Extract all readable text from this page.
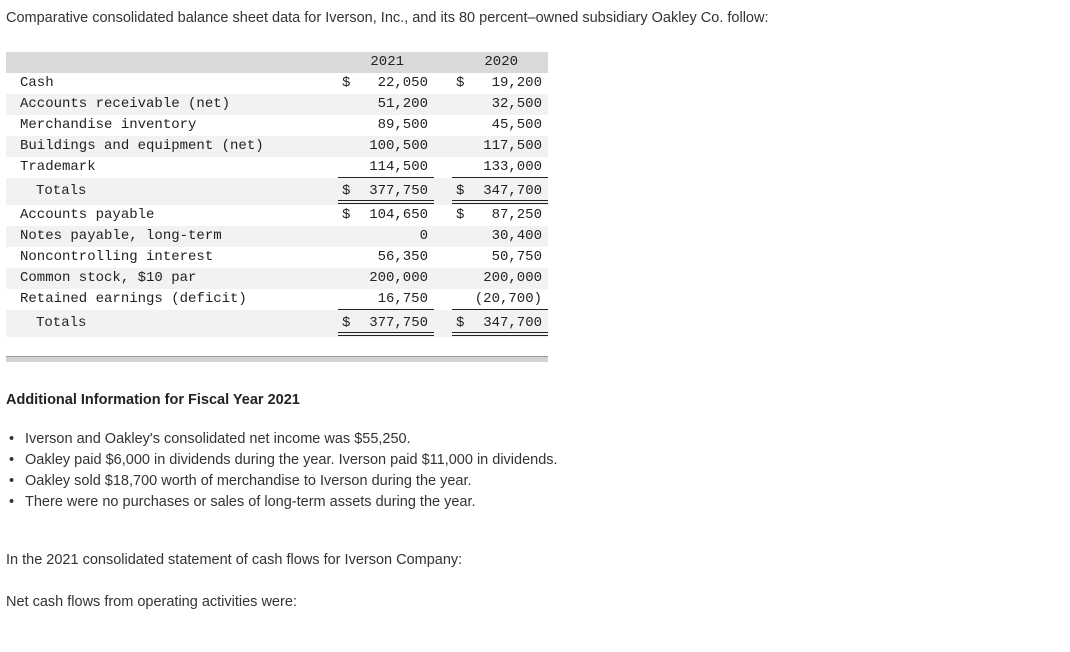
Comparative consolidated balance sheet data for Iverson, Inc., and its 80 percent–owned subsidiary Oakley Co. follow:
2021	2020
Cash	$ 22,050 $ 19,200
Accounts receivable (net)	51,200	32,500
Merchandise inventory	89,500	45,500
Buildings and equipment (net)	100,500	117,500
Trademark	114,500	133,000
Totals	$ 377,750 $ 347,700
Accounts payable	$ 104,650 $ 87,250
Notes payable, long-term	0	30,400
Noncontrolling interest	56,350	50,750
Common stock, $10 par	200,000	200,000
Retained earnings (deficit)	16,750	(20,700)
Totals	$ 377,750 $ 347,700
Additional Information for Fiscal Year 2021
• Iverson and Oakley's consolidated net income was $55,250.
• Oakley paid $6,000 in dividends during the year. Iverson paid $11,000 in dividends.
• Oakley sold $18,700 worth of merchandise to Iverson during the year.
• There were no purchases or sales of long-term assets during the year.
In the 2021 consolidated statement of cash flows for Iverson Company:
Net cash flows from operating activities were:
